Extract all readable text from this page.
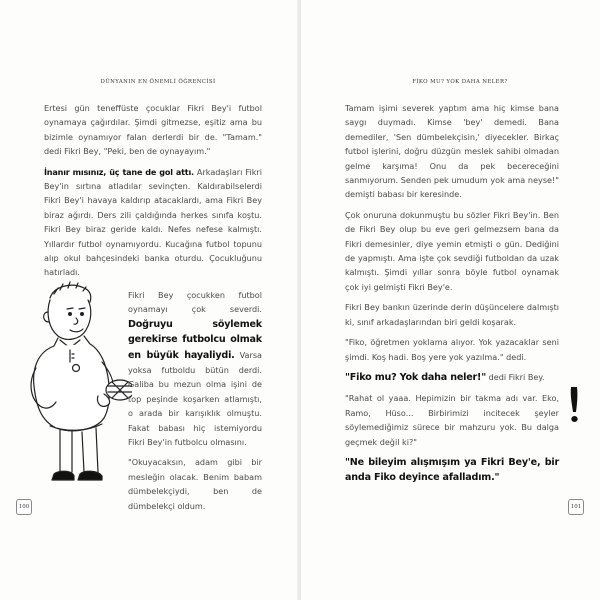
DÜNYANIN EN ÖNEMLİ ÖĞRENCİSİ

Ertesi gün teneffüste çocuklar Fikri Bey'i futbol oynamaya çağırdılar. Şimdi gitmezse, eşitiz ama bu bizimle oynamıyor falan derlerdi bir de. "Tamam." dedi Fikri Bey, "Peki, ben de oynayayım."

İnanır mısınız, üç tane de gol attı. Arkadaşları Fikri Bey'in sırtına atladılar sevinçten. Kaldırabilselerdi Fikri Bey'i havaya kaldırıp atacaklardı, ama Fikri Bey biraz ağırdı. Ders zili çaldığında herkes sınıfa koştu. Fikri Bey biraz geride kaldı. Nefes nefese kalmıştı. Yıllardır futbol oynamıyordu. Kucağına futbol topunu alıp okul bahçesindeki banka oturdu. Çocukluğunu hatırladı.

Fikri Bey çocukken futbol oynamayı çok severdi. Doğruyu söylemek gerekirse futbolcu olmak en büyük hayaliydi. Varsa yoksa futboldu bütün derdi. Galiba bu mezun olma işini de top peşinde koşarken atlamıştı, o arada bir karışıklık olmuştu. Fakat babası hiç istemiyordu Fikri Bey'in futbolcu olmasını.

"Okuyacaksın, adam gibi bir mesleğin olacak. Benim babam dümbelekçiydi, ben de dümbelekçi oldum.

100
FİKO MU? YOK DAHA NELER?

Tamam işimi severek yaptım ama hiç kimse bana saygı duymadı. Kimse 'bey' demedi. Bana demediler, 'Sen dümbelekçisin,' diyecekler. Birkaç futbol işlerini, doğru düzgün meslek sahibi olmadan gelme karşıma! Onu da pek becereceğini sanmıyorum. Senden pek umudum yok ama neyse!" demişti babası bir keresinde.

Çok onuruna dokunmuştu bu sözler Fikri Bey'in. Ben de Fikri Bey olup bu eve geri gelmezsem bana da Fikri demesinler, diye yemin etmişti o gün. Dediğini de yapmıştı. Ama işte çok sevdiği futboldan da uzak kalmıştı. Şimdi yıllar sonra böyle futbol oynamak çok iyi gelmişti Fikri Bey'e.

Fikri Bey bankın üzerinde derin düşüncelere dalmıştı ki, sınıf arkadaşlarından biri geldi koşarak.

"Fiko, öğretmen yoklama alıyor. Yok yazacaklar seni şimdi. Koş hadi. Boş yere yok yazılma." dedi.

"Fiko mu? Yok daha neler!" dedi Fikri Bey.

"Rahat ol yaaa. Hepimizin bir takma adı var. Eko, Ramo, Hüso... Birbirimizi incitecek şeyler söylemediğimiz sürece bir mahzuru yok. Bu dalga geçmek değil ki?"

"Ne bileyim alışmışım ya Fikri Bey'e, bir anda Fiko deyince afalladım."

101
